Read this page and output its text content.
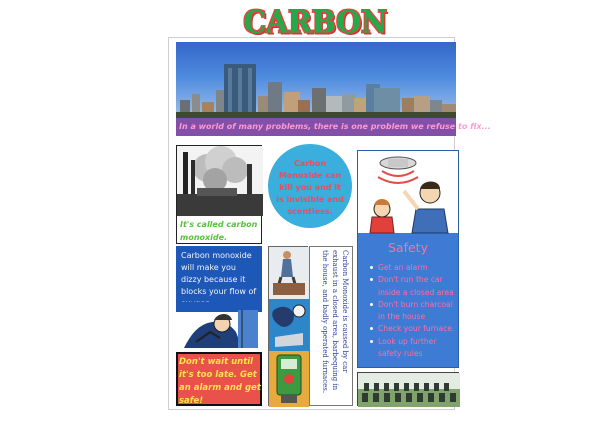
CARBON
In a world of many problems, there is one problem we refuse to fix...
It's called carbon monoxide.
Carbon Monoxide can kill you and it is invisible and scentless.
Carbon monoxide will make you dizzy because it blocks your flow of
Don't wait until it's too late. Get an alarm and get safe!
Carbon Monoxide is caused by car exhaust in a closed area, barbequing in the house, and badly operated furnaces.
Safety
Get an alarm
Don't run the car inside a closed area
Don't burn charcoal in the house
Check your furnace.
Look up further safety rules
